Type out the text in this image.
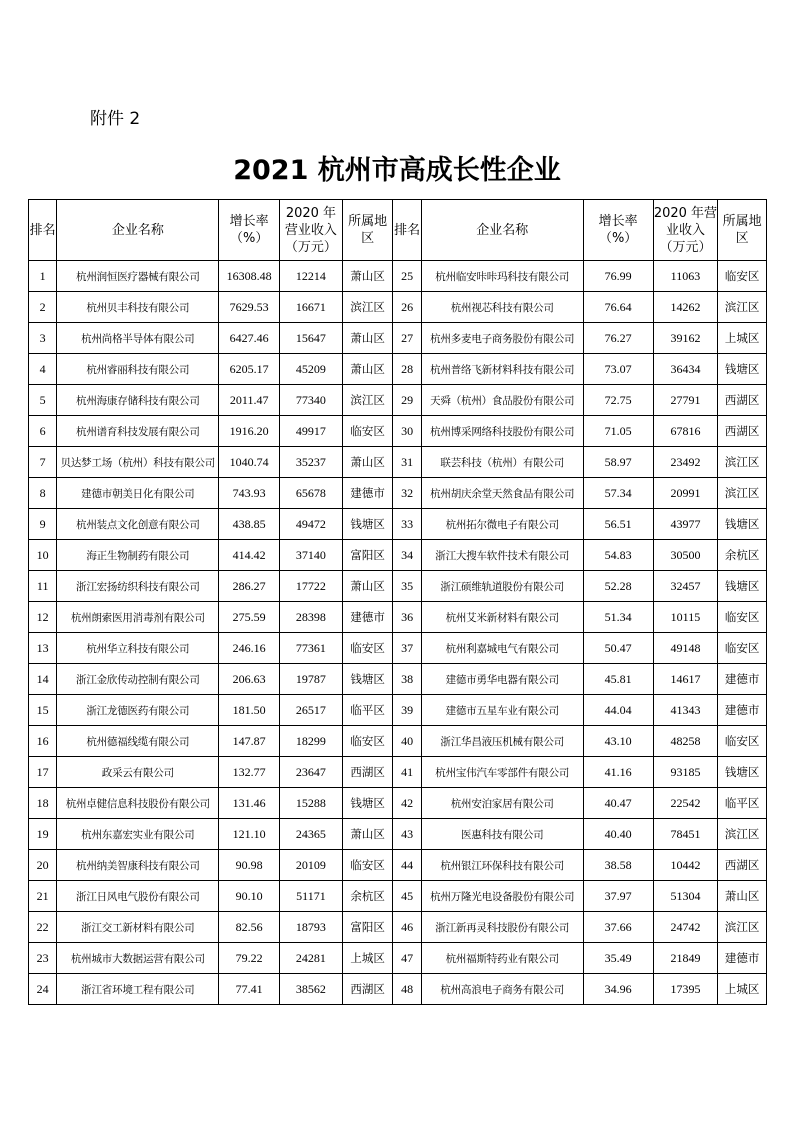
附件 2
2021 杭州市高成长性企业
排名	企业名称	增长率（%）	2020 年营业收入（万元）	所属地区	排名	企业名称	增长率（%）	2020 年营业收入（万元）	所属地区
1	杭州润恒医疗器械有限公司	16308.48	12214	萧山区	25	杭州临安咔咔玛科技有限公司	76.99	11063	临安区
2	杭州贝丰科技有限公司	7629.53	16671	滨江区	26	杭州视芯科技有限公司	76.64	14262	滨江区
3	杭州尚格半导体有限公司	6427.46	15647	萧山区	27	杭州多麦电子商务股份有限公司	76.27	39162	上城区
4	杭州睿丽科技有限公司	6205.17	45209	萧山区	28	杭州普络飞新材料科技有限公司	73.07	36434	钱塘区
5	杭州海康存储科技有限公司	2011.47	77340	滨江区	29	天舜（杭州）食品股份有限公司	72.75	27791	西湖区
6	杭州谱育科技发展有限公司	1916.20	49917	临安区	30	杭州博采网络科技股份有限公司	71.05	67816	西湖区
7	贝达梦工场（杭州）科技有限公司	1040.74	35237	萧山区	31	联芸科技（杭州）有限公司	58.97	23492	滨江区
8	建德市朝美日化有限公司	743.93	65678	建德市	32	杭州胡庆余堂天然食品有限公司	57.34	20991	滨江区
9	杭州装点文化创意有限公司	438.85	49472	钱塘区	33	杭州拓尔微电子有限公司	56.51	43977	钱塘区
10	海正生物制药有限公司	414.42	37140	富阳区	34	浙江大搜车软件技术有限公司	54.83	30500	余杭区
11	浙江宏扬纺织科技有限公司	286.27	17722	萧山区	35	浙江硕维轨道股份有限公司	52.28	32457	钱塘区
12	杭州朗索医用消毒剂有限公司	275.59	28398	建德市	36	杭州艾米新材料有限公司	51.34	10115	临安区
13	杭州华立科技有限公司	246.16	77361	临安区	37	杭州利嘉城电气有限公司	50.47	49148	临安区
14	浙江金欣传动控制有限公司	206.63	19787	钱塘区	38	建德市勇华电器有限公司	45.81	14617	建德市
15	浙江龙德医药有限公司	181.50	26517	临平区	39	建德市五星车业有限公司	44.04	41343	建德市
16	杭州德福线缆有限公司	147.87	18299	临安区	40	浙江华昌液压机械有限公司	43.10	48258	临安区
17	政采云有限公司	132.77	23647	西湖区	41	杭州宝伟汽车零部件有限公司	41.16	93185	钱塘区
18	杭州卓健信息科技股份有限公司	131.46	15288	钱塘区	42	杭州安泊家居有限公司	40.47	22542	临平区
19	杭州东嘉宏实业有限公司	121.10	24365	萧山区	43	医惠科技有限公司	40.40	78451	滨江区
20	杭州纳美智康科技有限公司	90.98	20109	临安区	44	杭州银江环保科技有限公司	38.58	10442	西湖区
21	浙江日风电气股份有限公司	90.10	51171	余杭区	45	杭州万隆光电设备股份有限公司	37.97	51304	萧山区
22	浙江交工新材料有限公司	82.56	18793	富阳区	46	浙江新再灵科技股份有限公司	37.66	24742	滨江区
23	杭州城市大数据运营有限公司	79.22	24281	上城区	47	杭州福斯特药业有限公司	35.49	21849	建德市
24	浙江省环境工程有限公司	77.41	38562	西湖区	48	杭州高浪电子商务有限公司	34.96	17395	上城区
